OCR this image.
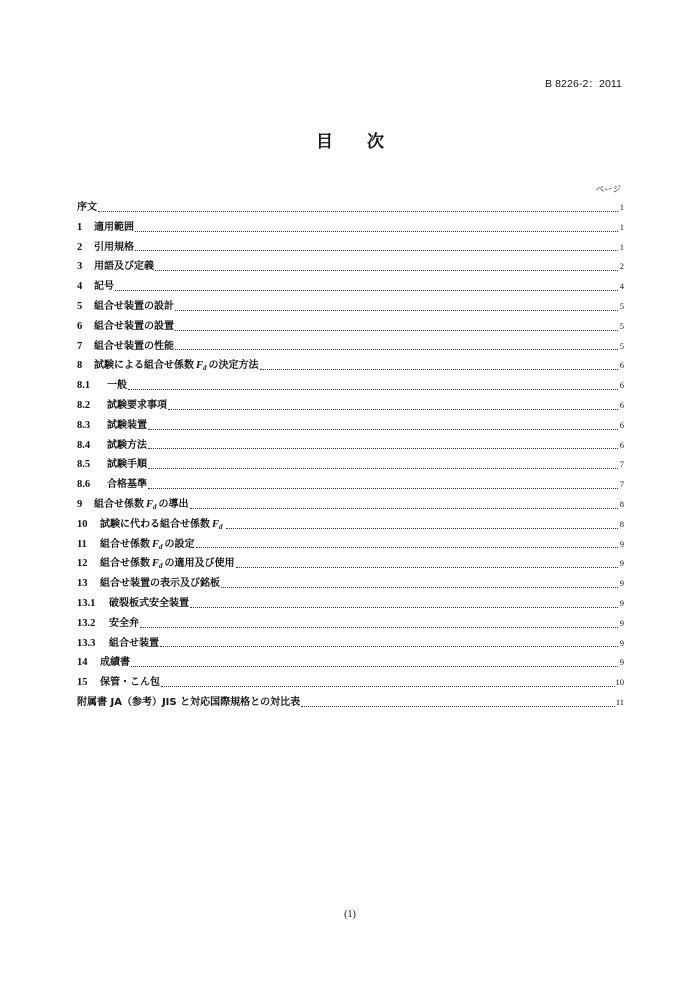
B 8226-2：2011
目 次
ページ
序文	1
1	適用範囲	1
2	引用規格	1
3	用語及び定義	2
4	記号	4
5	組合せ装置の設計	5
6	組合せ装置の設置	5
7	組合せ装置の性能	5
8	試験による組合せ係数 $F_d$ の決定方法	6
8.1	一般	6
8.2	試験要求事項	6
8.3	試験装置	6
8.4	試験方法	6
8.5	試験手順	7
8.6	合格基準	7
9	組合せ係数 $F_d$ の導出	8
10	試験に代わる組合せ係数 $F_d$	8
11	組合せ係数 $F_d$ の設定	9
12	組合せ係数 $F_d$ の適用及び使用	9
13	組合せ装置の表示及び銘板	9
13.1	破裂板式安全装置	9
13.2	安全弁	9
13.3	組合せ装置	9
14	成績書	9
15	保管・こん包	10
附属書 JA（参考）JIS と対応国際規格との対比表	11
(1)
